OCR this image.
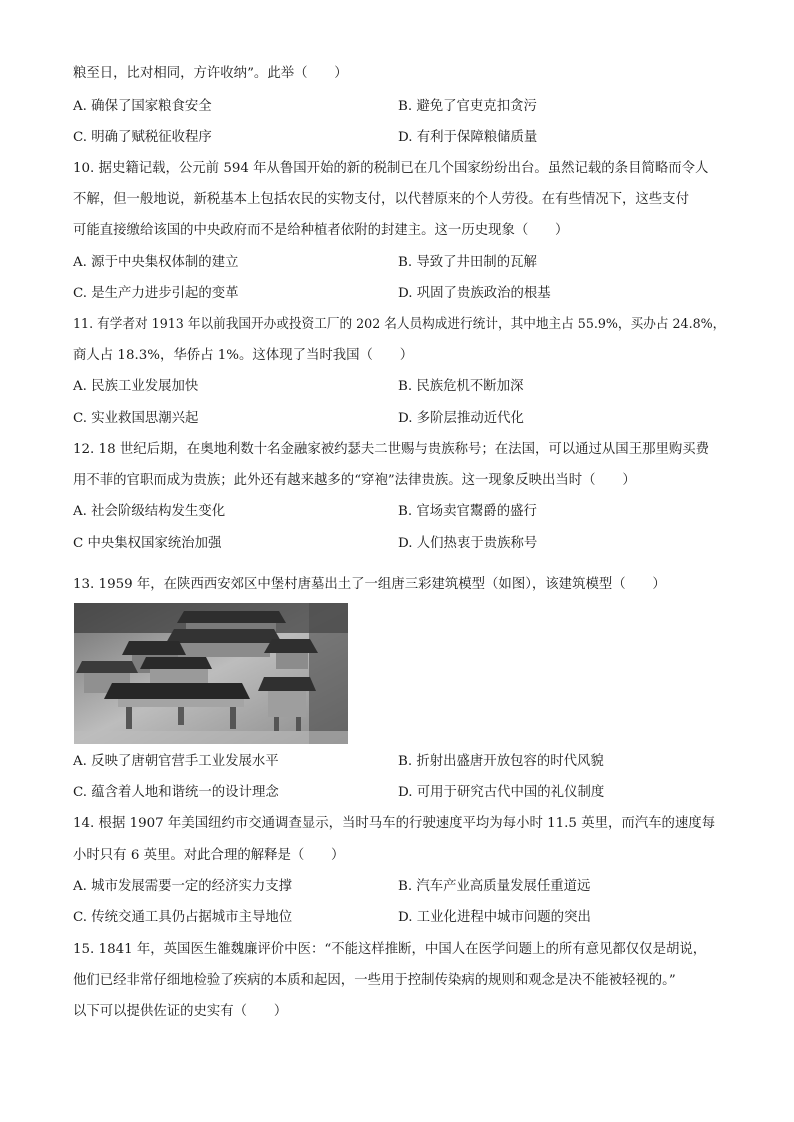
粮至日，比对相同，方许收纳”。此举（　　）
A. 确保了国家粮食安全	B. 避免了官吏克扣贪污
C. 明确了赋税征收程序	D. 有利于保障粮储质量
10. 据史籍记载，公元前 594 年从鲁国开始的新的税制已在几个国家纷纷出台。虽然记载的条目简略而令人
不解，但一般地说，新税基本上包括农民的实物支付，以代替原来的个人劳役。在有些情况下，这些支付
可能直接缴给该国的中央政府而不是给种植者依附的封建主。这一历史现象（　　）
A. 源于中央集权体制的建立	B. 导致了井田制的瓦解
C. 是生产力进步引起的变革	D. 巩固了贵族政治的根基
11. 有学者对 1913 年以前我国开办或投资工厂的 202 名人员构成进行统计，其中地主占 55.9%，买办占 24.8%，
商人占 18.3%，华侨占 1%。这体现了当时我国（　　）
A. 民族工业发展加快	B. 民族危机不断加深
C. 实业救国思潮兴起	D. 多阶层推动近代化
12. 18 世纪后期，在奥地利数十名金融家被约瑟夫二世赐与贵族称号；在法国，可以通过从国王那里购买费
用不菲的官职而成为贵族；此外还有越来越多的“穿袍”法律贵族。这一现象反映出当时（　　）
A. 社会阶级结构发生变化	B. 官场卖官鬻爵的盛行
C 中央集权国家统治加强	D. 人们热衷于贵族称号
13. 1959 年，在陕西西安郊区中堡村唐墓出土了一组唐三彩建筑模型（如图），该建筑模型（　　）
A. 反映了唐朝官营手工业发展水平	B. 折射出盛唐开放包容的时代风貌
C. 蕴含着人地和谐统一的设计理念	D. 可用于研究古代中国的礼仪制度
14. 根据 1907 年美国纽约市交通调查显示，当时马车的行驶速度平均为每小时 11.5 英里，而汽车的速度每
小时只有 6 英里。对此合理的解释是（　　）
A. 城市发展需要一定的经济实力支撑	B. 汽车产业高质量发展任重道远
C. 传统交通工具仍占据城市主导地位	D. 工业化进程中城市问题的突出
15. 1841 年，英国医生雒魏廉评价中医：“不能这样推断，中国人在医学问题上的所有意见都仅仅是胡说，
他们已经非常仔细地检验了疾病的本质和起因，一些用于控制传染病的规则和观念是决不能被轻视的。”
以下可以提供佐证的史实有（　　）
